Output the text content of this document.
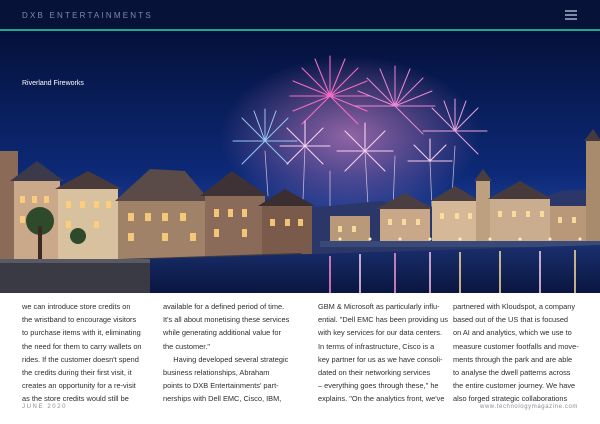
DXB ENTERTAINMENTS
Riverland Fireworks
we can introduce store credits on
the wristband to encourage visitors
to purchase items with it, eliminating
the need for them to carry wallets on
rides. If the customer doesn't spend
the credits during their first visit, it
creates an opportunity for a re-visit
as the store credits would still be
available for a defined period of time.
It's all about monetising these services
while generating additional value for
the customer."
Having developed several strategic
business relationships, Abraham
points to DXB Entertainments' part-
nerships with Dell EMC, Cisco, IBM,
GBM & Microsoft as particularly influ-
ential. "Dell EMC has been providing us
with key services for our data centers.
In terms of infrastructure, Cisco is a
key partner for us as we have consoli-
dated on their networking services
– everything goes through these," he
explains. "On the analytics front, we've
partnered with Kloudspot, a company
based out of the US that is focused
on AI and analytics, which we use to
measure customer footfalls and move-
ments through the park and are able
to analyse the dwell patterns across
the entire customer journey. We have
also forged strategic collaborations
JUNE 2020	www.technologymagazine.com
